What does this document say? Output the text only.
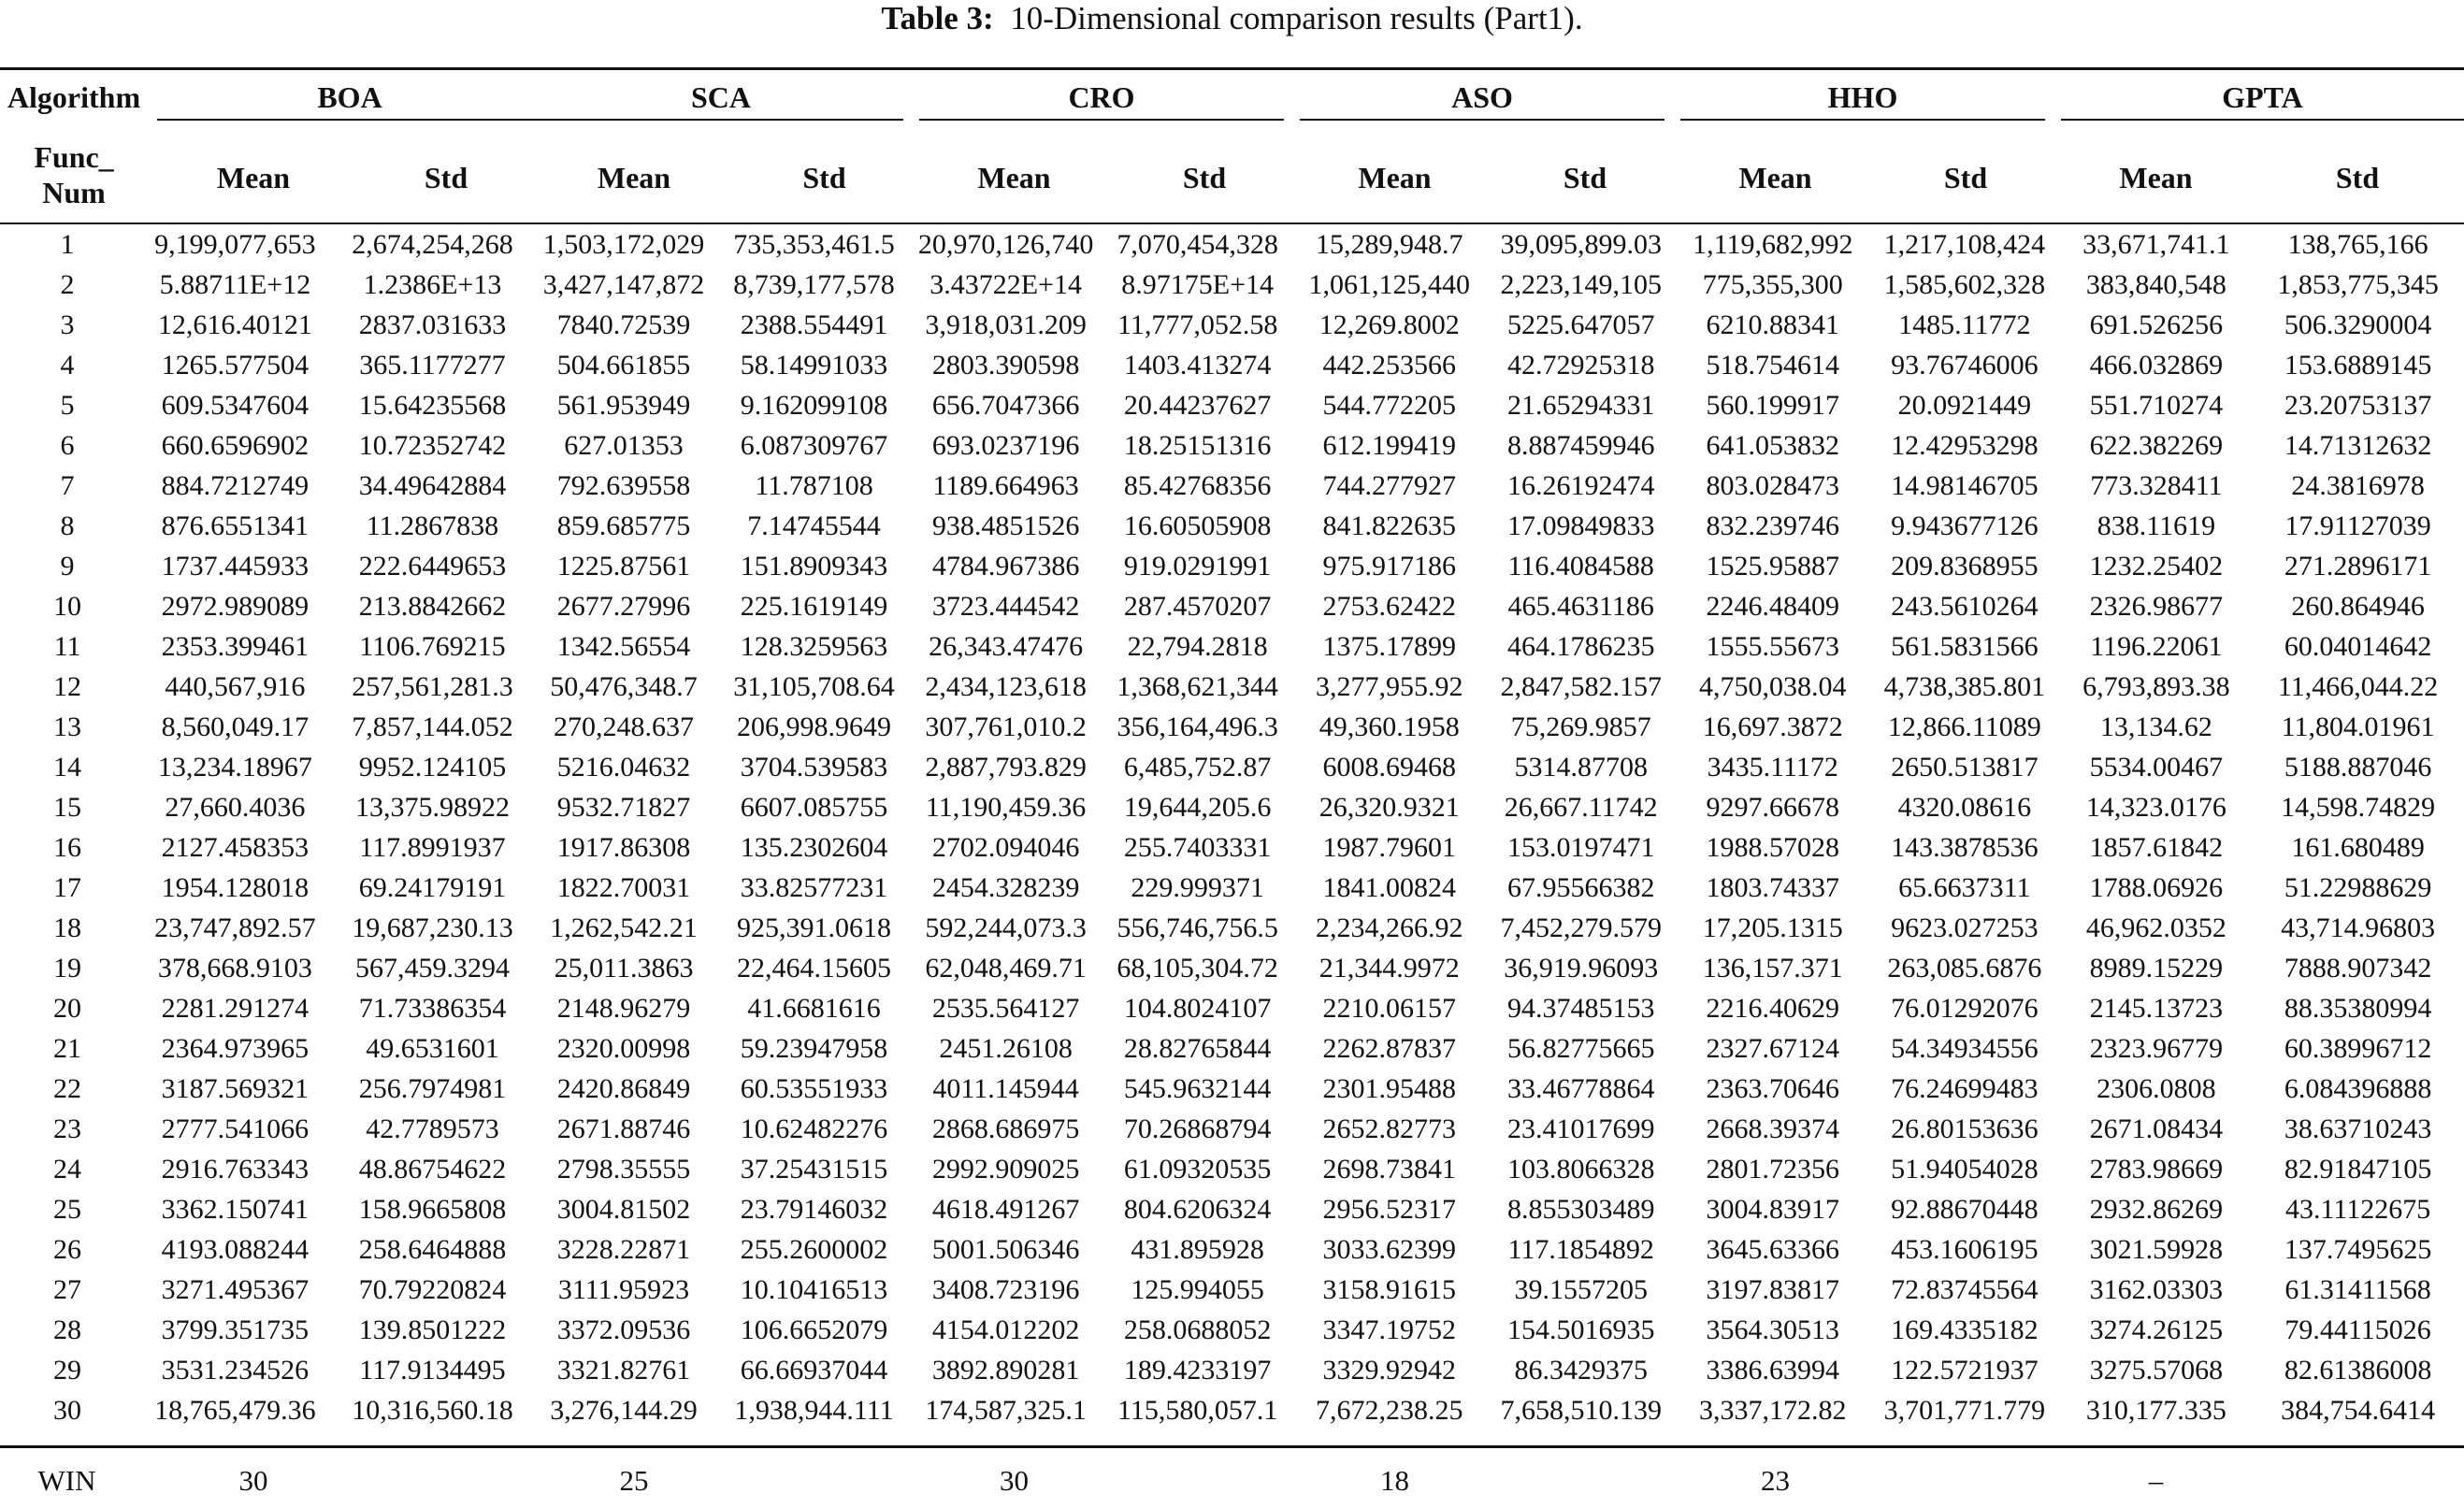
Table 3: 10-Dimensional comparison results (Part1).
Algorithm
Func_
Num
BOA	SCA	CRO	ASO	HHO	GPTA
Mean	Std	Mean	Std	Mean	Std	Mean	Std	Mean	Std	Mean	Std
1	9,199,077,653	2,674,254,268	1,503,172,029	735,353,461.5	20,970,126,740	7,070,454,328	15,289,948.7	39,095,899.03	1,119,682,992	1,217,108,424	33,671,741.1	138,765,166
2	5.88711E+12	1.2386E+13	3,427,147,872	8,739,177,578	3.43722E+14	8.97175E+14	1,061,125,440	2,223,149,105	775,355,300	1,585,602,328	383,840,548	1,853,775,345
3	12,616.40121	2837.031633	7840.72539	2388.554491	3,918,031.209	11,777,052.58	12,269.8002	5225.647057	6210.88341	1485.11772	691.526256	506.3290004
4	1265.577504	365.1177277	504.661855	58.14991033	2803.390598	1403.413274	442.253566	42.72925318	518.754614	93.76746006	466.032869	153.6889145
5	609.5347604	15.64235568	561.953949	9.162099108	656.7047366	20.44237627	544.772205	21.65294331	560.199917	20.0921449	551.710274	23.20753137
6	660.6596902	10.72352742	627.01353	6.087309767	693.0237196	18.25151316	612.199419	8.887459946	641.053832	12.42953298	622.382269	14.71312632
7	884.7212749	34.49642884	792.639558	11.787108	1189.664963	85.42768356	744.277927	16.26192474	803.028473	14.98146705	773.328411	24.3816978
8	876.6551341	11.2867838	859.685775	7.14745544	938.4851526	16.60505908	841.822635	17.09849833	832.239746	9.943677126	838.11619	17.91127039
9	1737.445933	222.6449653	1225.87561	151.8909343	4784.967386	919.0291991	975.917186	116.4084588	1525.95887	209.8368955	1232.25402	271.2896171
10	2972.989089	213.8842662	2677.27996	225.1619149	3723.444542	287.4570207	2753.62422	465.4631186	2246.48409	243.5610264	2326.98677	260.864946
11	2353.399461	1106.769215	1342.56554	128.3259563	26,343.47476	22,794.2818	1375.17899	464.1786235	1555.55673	561.5831566	1196.22061	60.04014642
12	440,567,916	257,561,281.3	50,476,348.7	31,105,708.64	2,434,123,618	1,368,621,344	3,277,955.92	2,847,582.157	4,750,038.04	4,738,385.801	6,793,893.38	11,466,044.22
13	8,560,049.17	7,857,144.052	270,248.637	206,998.9649	307,761,010.2	356,164,496.3	49,360.1958	75,269.9857	16,697.3872	12,866.11089	13,134.62	11,804.01961
14	13,234.18967	9952.124105	5216.04632	3704.539583	2,887,793.829	6,485,752.87	6008.69468	5314.87708	3435.11172	2650.513817	5534.00467	5188.887046
15	27,660.4036	13,375.98922	9532.71827	6607.085755	11,190,459.36	19,644,205.6	26,320.9321	26,667.11742	9297.66678	4320.08616	14,323.0176	14,598.74829
16	2127.458353	117.8991937	1917.86308	135.2302604	2702.094046	255.7403331	1987.79601	153.0197471	1988.57028	143.3878536	1857.61842	161.680489
17	1954.128018	69.24179191	1822.70031	33.82577231	2454.328239	229.999371	1841.00824	67.95566382	1803.74337	65.6637311	1788.06926	51.22988629
18	23,747,892.57	19,687,230.13	1,262,542.21	925,391.0618	592,244,073.3	556,746,756.5	2,234,266.92	7,452,279.579	17,205.1315	9623.027253	46,962.0352	43,714.96803
19	378,668.9103	567,459.3294	25,011.3863	22,464.15605	62,048,469.71	68,105,304.72	21,344.9972	36,919.96093	136,157.371	263,085.6876	8989.15229	7888.907342
20	2281.291274	71.73386354	2148.96279	41.6681616	2535.564127	104.8024107	2210.06157	94.37485153	2216.40629	76.01292076	2145.13723	88.35380994
21	2364.973965	49.6531601	2320.00998	59.23947958	2451.26108	28.82765844	2262.87837	56.82775665	2327.67124	54.34934556	2323.96779	60.38996712
22	3187.569321	256.7974981	2420.86849	60.53551933	4011.145944	545.9632144	2301.95488	33.46778864	2363.70646	76.24699483	2306.0808	6.084396888
23	2777.541066	42.7789573	2671.88746	10.62482276	2868.686975	70.26868794	2652.82773	23.41017699	2668.39374	26.80153636	2671.08434	38.63710243
24	2916.763343	48.86754622	2798.35555	37.25431515	2992.909025	61.09320535	2698.73841	103.8066328	2801.72356	51.94054028	2783.98669	82.91847105
25	3362.150741	158.9665808	3004.81502	23.79146032	4618.491267	804.6206324	2956.52317	8.855303489	3004.83917	92.88670448	2932.86269	43.11122675
26	4193.088244	258.6464888	3228.22871	255.2600002	5001.506346	431.895928	3033.62399	117.1854892	3645.63366	453.1606195	3021.59928	137.7495625
27	3271.495367	70.79220824	3111.95923	10.10416513	3408.723196	125.994055	3158.91615	39.1557205	3197.83817	72.83745564	3162.03303	61.31411568
28	3799.351735	139.8501222	3372.09536	106.6652079	4154.012202	258.0688052	3347.19752	154.5016935	3564.30513	169.4335182	3274.26125	79.44115026
29	3531.234526	117.9134495	3321.82761	66.66937044	3892.890281	189.4233197	3329.92942	86.3429375	3386.63994	122.5721937	3275.57068	82.61386008
30	18,765,479.36	10,316,560.18	3,276,144.29	1,938,944.111	174,587,325.1	115,580,057.1	7,672,238.25	7,658,510.139	3,337,172.82	3,701,771.779	310,177.335	384,754.6414
WIN	30	25	30	18	23	–
